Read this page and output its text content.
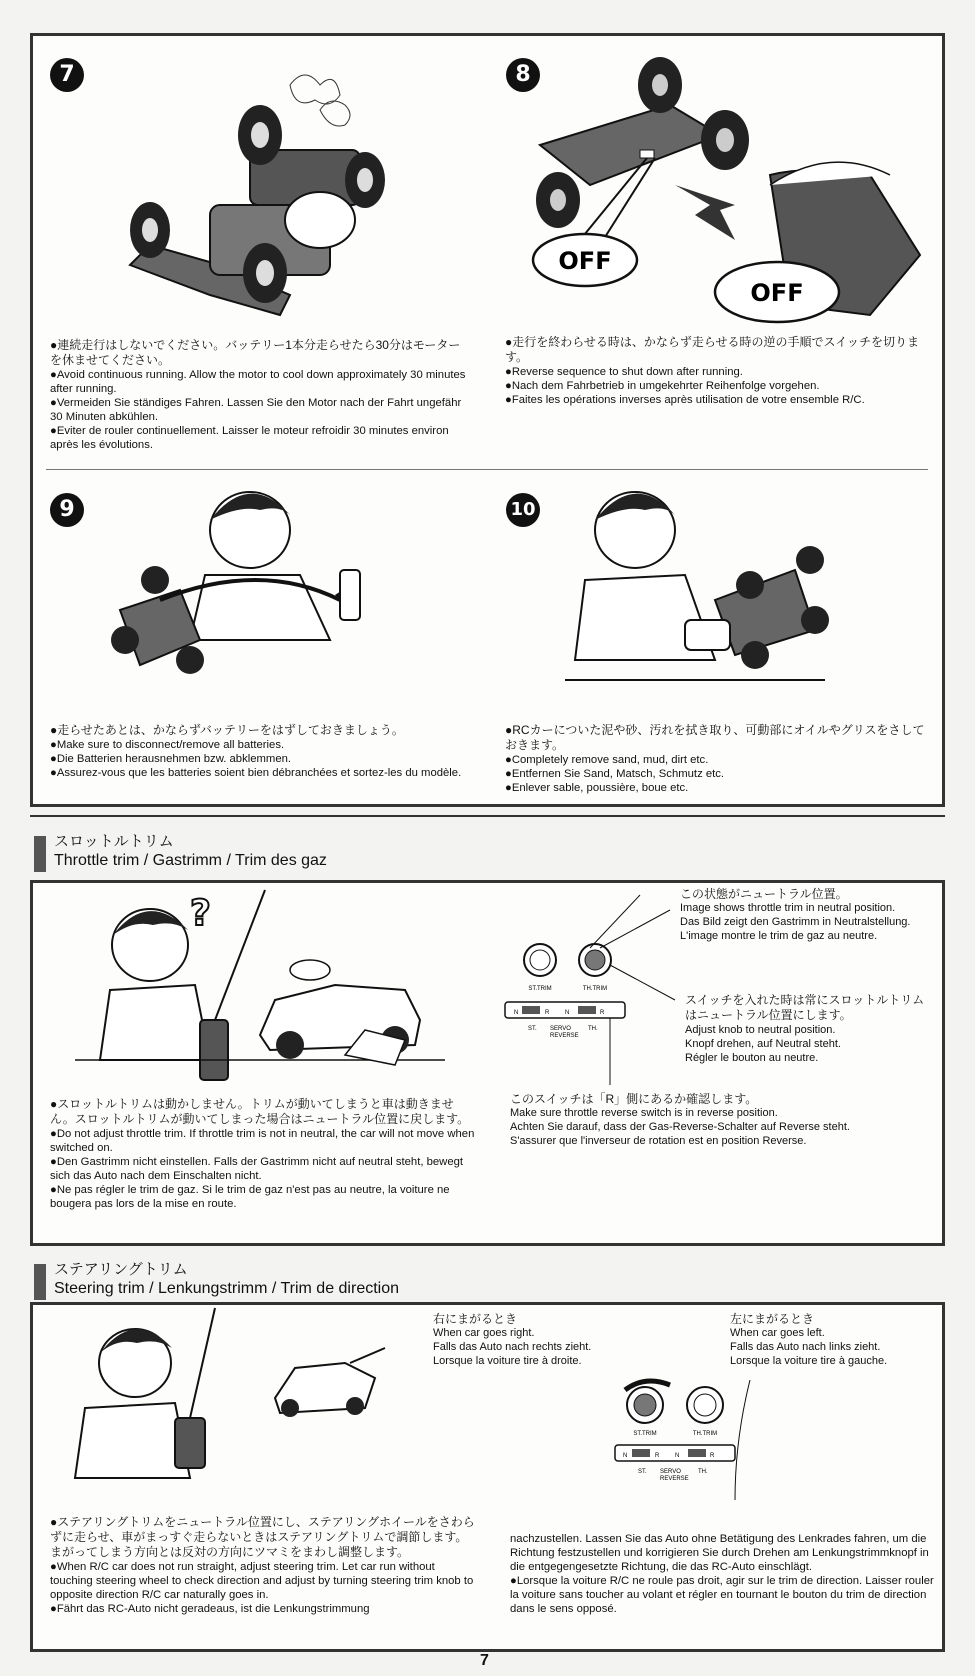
7

●連続走行はしないでください。バッテリー1本分走らせたら30分はモーターを休ませてください。

●Avoid continuous running. Allow the motor to cool down approximately 30 minutes after running.

●Vermeiden Sie ständiges Fahren. Lassen Sie den Motor nach der Fahrt ungefähr 30 Minuten abkühlen.

●Eviter de rouler continuellement. Laisser le moteur refroidir 30 minutes environ après les évolutions.

8
OFF
OFF

●走行を終わらせる時は、かならず走らせる時の逆の手順でスイッチを切ります。

●Reverse sequence to shut down after running.

●Nach dem Fahrbetrieb in umgekehrter Reihenfolge vorgehen.

●Faites les opérations inverses après utilisation de votre ensemble R/C.

9

●走らせたあとは、かならずバッテリーをはずしておきましょう。

●Make sure to disconnect/remove all batteries.

●Die Batterien herausnehmen bzw. abklemmen.

●Assurez-vous que les batteries soient bien débranchées et sortez-les du modèle.

10

●RCカーについた泥や砂、汚れを拭き取り、可動部にオイルやグリスをさしておきます。

●Completely remove sand, mud, dirt etc.

●Entfernen Sie Sand, Matsch, Schmutz etc.

●Enlever sable, poussière, boue etc.

スロットルトリム
Throttle trim / Gastrimm / Trim des gaz
?
ST.TRIM	TH.TRIM
N	R	N	R
ST. SERVO
REVERSE
TH.

この状態がニュートラル位置。

Image shows throttle trim in neutral position.

Das Bild zeigt den Gastrimm in Neutralstellung.

L'image montre le trim de gaz au neutre.

スイッチを入れた時は常にスロットルトリムはニュートラル位置にします。

Adjust knob to neutral position.

Knopf drehen, auf Neutral steht.

Régler le bouton au neutre.

このスイッチは「R」側にあるか確認します。

Make sure throttle reverse switch is in reverse position.

Achten Sie darauf, dass der Gas-Reverse-Schalter auf Reverse steht.

S'assurer que l'inverseur de rotation est en position Reverse.

●スロットルトリムは動かしません。トリムが動いてしまうと車は動きません。スロットルトリムが動いてしまった場合はニュートラル位置に戻します。

●Do not adjust throttle trim. If throttle trim is not in neutral, the car will not move when switched on.

●Den Gastrimm nicht einstellen. Falls der Gastrimm nicht auf neutral steht, bewegt sich das Auto nach dem Einschalten nicht.

●Ne pas régler le trim de gaz. Si le trim de gaz n'est pas au neutre, la voiture ne bougera pas lors de la mise en route.

ステアリングトリム
Steering trim / Lenkungstrimm / Trim de direction

右にまがるとき

When car goes right.

Falls das Auto nach rechts zieht.

Lorsque la voiture tire à droite.

左にまがるとき

When car goes left.

Falls das Auto nach links zieht.

Lorsque la voiture tire à gauche.

ST.TRIM	TH.TRIM
N	R	N	R
ST. SERVO
REVERSE
TH.

●ステアリングトリムをニュートラル位置にし、ステアリングホイールをさわらずに走らせ、車がまっすぐ走らないときはステアリングトリムで調節します。まがってしまう方向とは反対の方向にツマミをまわし調整します。

●When R/C car does not run straight, adjust steering trim. Let car run without touching steering wheel to check direction and adjust by turning steering trim knob to opposite direction R/C car naturally goes in.

●Fährt das RC-Auto nicht geradeaus, ist die Lenkungstrimmung

nachzustellen. Lassen Sie das Auto ohne Betätigung des Lenkrades fahren, um die Richtung festzustellen und korrigieren Sie durch Drehen am Lenkungstrimmknopf in die entgegengesetzte Richtung, die das RC-Auto einschlägt.

●Lorsque la voiture R/C ne roule pas droit, agir sur le trim de direction. Laisser rouler la voiture sans toucher au volant et régler en tournant le bouton du trim de direction dans le sens opposé.

7
